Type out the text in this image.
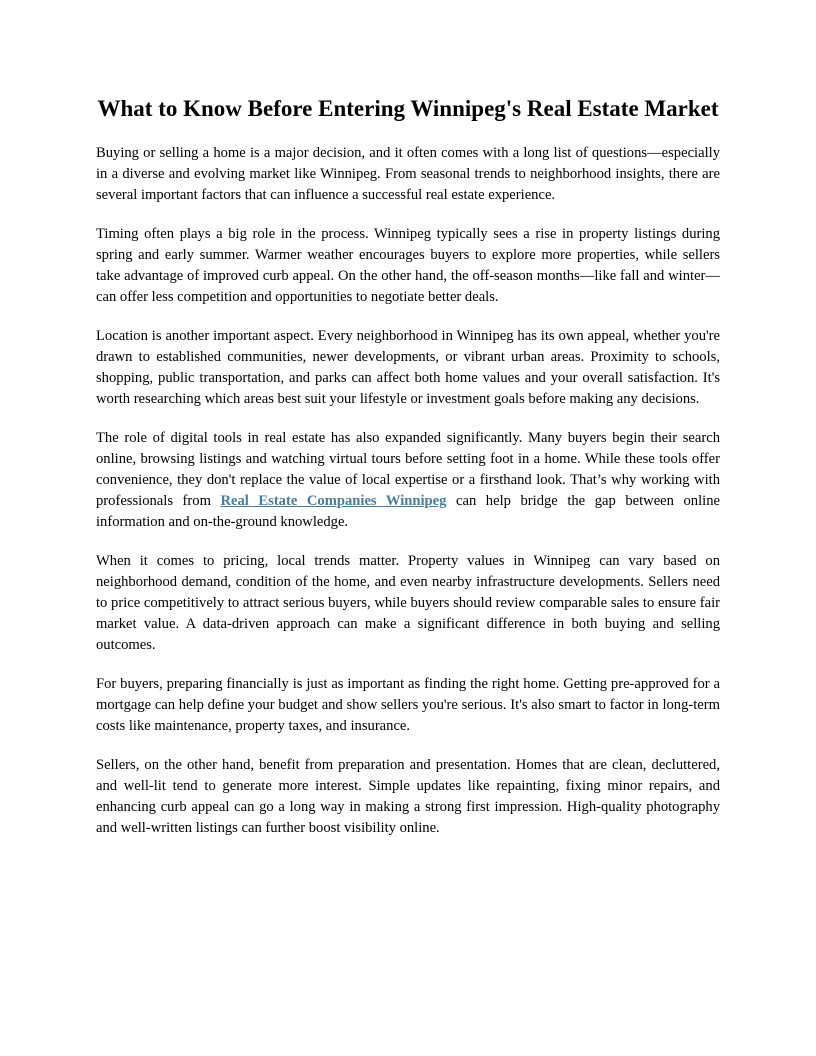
What to Know Before Entering Winnipeg's Real Estate Market

Buying or selling a home is a major decision, and it often comes with a long list of questions—especially in a diverse and evolving market like Winnipeg. From seasonal trends to neighborhood insights, there are several important factors that can influence a successful real estate experience.

Timing often plays a big role in the process. Winnipeg typically sees a rise in property listings during spring and early summer. Warmer weather encourages buyers to explore more properties, while sellers take advantage of improved curb appeal. On the other hand, the off-season months—like fall and winter—can offer less competition and opportunities to negotiate better deals.

Location is another important aspect. Every neighborhood in Winnipeg has its own appeal, whether you're drawn to established communities, newer developments, or vibrant urban areas. Proximity to schools, shopping, public transportation, and parks can affect both home values and your overall satisfaction. It's worth researching which areas best suit your lifestyle or investment goals before making any decisions.

The role of digital tools in real estate has also expanded significantly. Many buyers begin their search online, browsing listings and watching virtual tours before setting foot in a home. While these tools offer convenience, they don't replace the value of local expertise or a firsthand look. That’s why working with professionals from Real Estate Companies Winnipeg can help bridge the gap between online information and on-the-ground knowledge.

When it comes to pricing, local trends matter. Property values in Winnipeg can vary based on neighborhood demand, condition of the home, and even nearby infrastructure developments. Sellers need to price competitively to attract serious buyers, while buyers should review comparable sales to ensure fair market value. A data-driven approach can make a significant difference in both buying and selling outcomes.

For buyers, preparing financially is just as important as finding the right home. Getting pre-approved for a mortgage can help define your budget and show sellers you're serious. It's also smart to factor in long-term costs like maintenance, property taxes, and insurance.

Sellers, on the other hand, benefit from preparation and presentation. Homes that are clean, decluttered, and well-lit tend to generate more interest. Simple updates like repainting, fixing minor repairs, and enhancing curb appeal can go a long way in making a strong first impression. High-quality photography and well-written listings can further boost visibility online.
